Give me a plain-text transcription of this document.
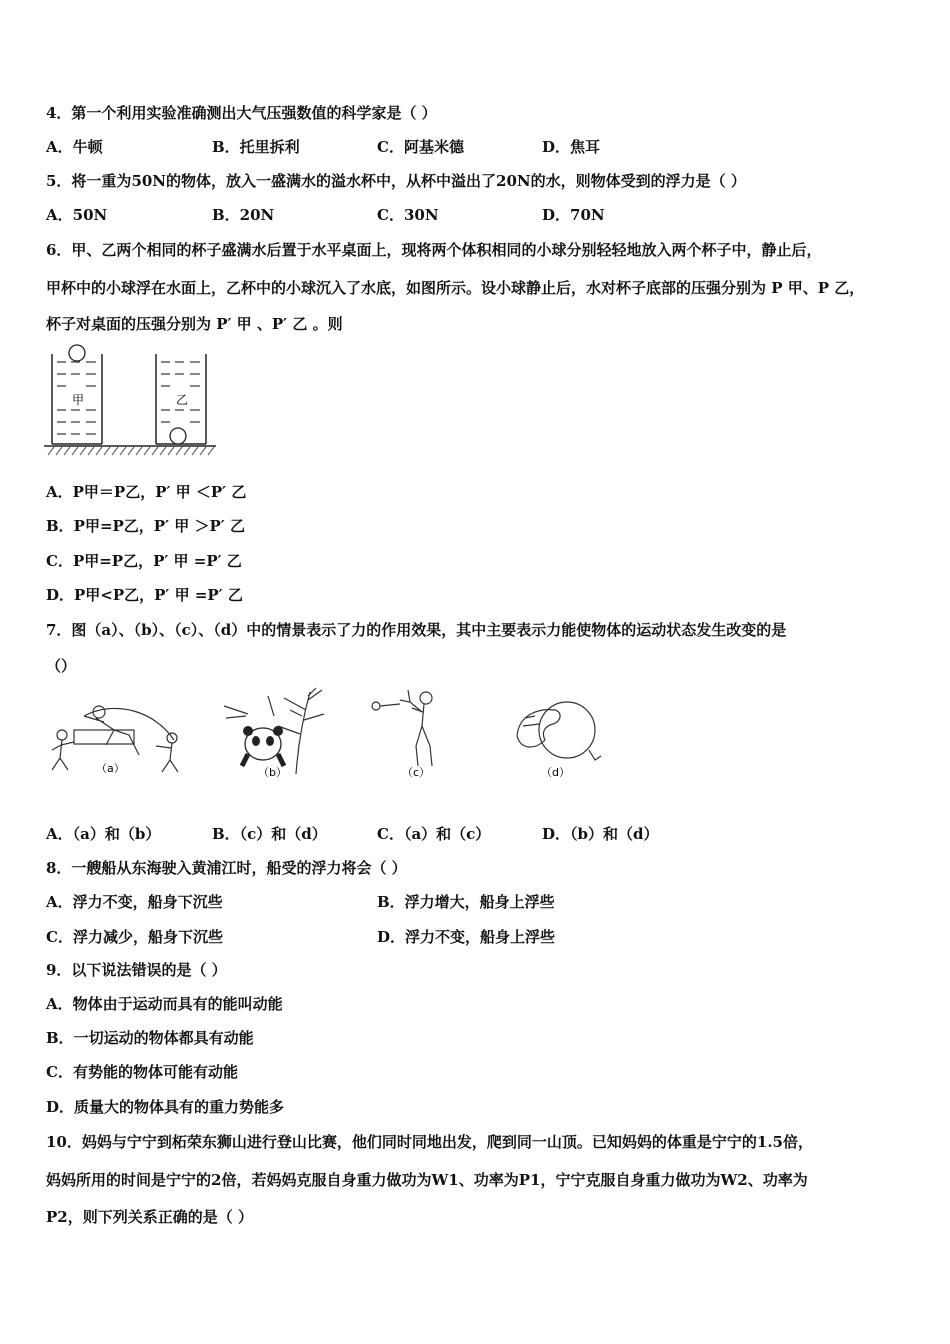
4．第一个利用实验准确测出大气压强数值的科学家是（ ）
A．牛顿	B．托里拆利	C．阿基米德	D．焦耳
5．将一重为50N的物体，放入一盛满水的溢水杯中，从杯中溢出了20N的水，则物体受到的浮力是（ ）
A．50N	B．20N	C．30N	D．70N
6．甲、乙两个相同的杯子盛满水后置于水平桌面上，现将两个体积相同的小球分别轻轻地放入两个杯子中，静止后，
甲杯中的小球浮在水面上，乙杯中的小球沉入了水底，如图所示。设小球静止后，水对杯子底部的压强分别为 P 甲、P 乙，
杯子对桌面的压强分别为 P′ 甲 、P′ 乙 。则
甲	乙
A．P甲＝P乙，P′ 甲 ＜P′ 乙
B．P甲=P乙，P′ 甲 ＞P′ 乙
C．P甲=P乙，P′ 甲 =P′ 乙
D．P甲<P乙，P′ 甲 =P′ 乙
7．图（a）、（b）、（c）、（d）中的情景表示了力的作用效果，其中主要表示力能使物体的运动状态发生改变的是
（）
（a）	（b）	（c）	（d）
A．（a）和（b）	B．（c）和（d）	C．（a）和（c）	D．（b）和（d）
8．一艘船从东海驶入黄浦江时，船受的浮力将会（ ）
A．浮力不变，船身下沉些	B．浮力增大，船身上浮些
C．浮力减少，船身下沉些	D．浮力不变，船身上浮些
9．以下说法错误的是（ ）
A．物体由于运动而具有的能叫动能
B．一切运动的物体都具有动能
C．有势能的物体可能有动能
D．质量大的物体具有的重力势能多
10．妈妈与宁宁到柘荣东狮山进行登山比赛，他们同时同地出发，爬到同一山顶。已知妈妈的体重是宁宁的1.5倍，
妈妈所用的时间是宁宁的2倍，若妈妈克服自身重力做功为W1、功率为P1，宁宁克服自身重力做功为W2、功率为
P2，则下列关系正确的是（ ）
